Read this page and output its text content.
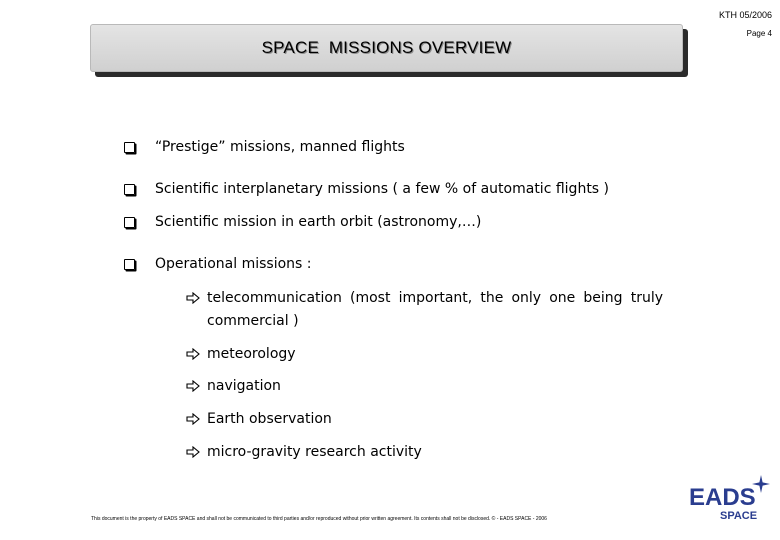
KTH 05/2006
Page 4
SPACE  MISSIONS OVERVIEW
“Prestige” missions, manned flights
Scientific interplanetary missions ( a few % of automatic flights )
Scientific mission in earth orbit (astronomy,…)
Operational missions :
telecommunication (most important, the only one being truly commercial )
meteorology
navigation
Earth observation
micro-gravity research activity
This document is the property of EADS SPACE and shall not be communicated to third parties and/or reproduced without prior written agreement. Its contents shall not be disclosed. © - EADS SPACE - 2006
EADS
SPACE
